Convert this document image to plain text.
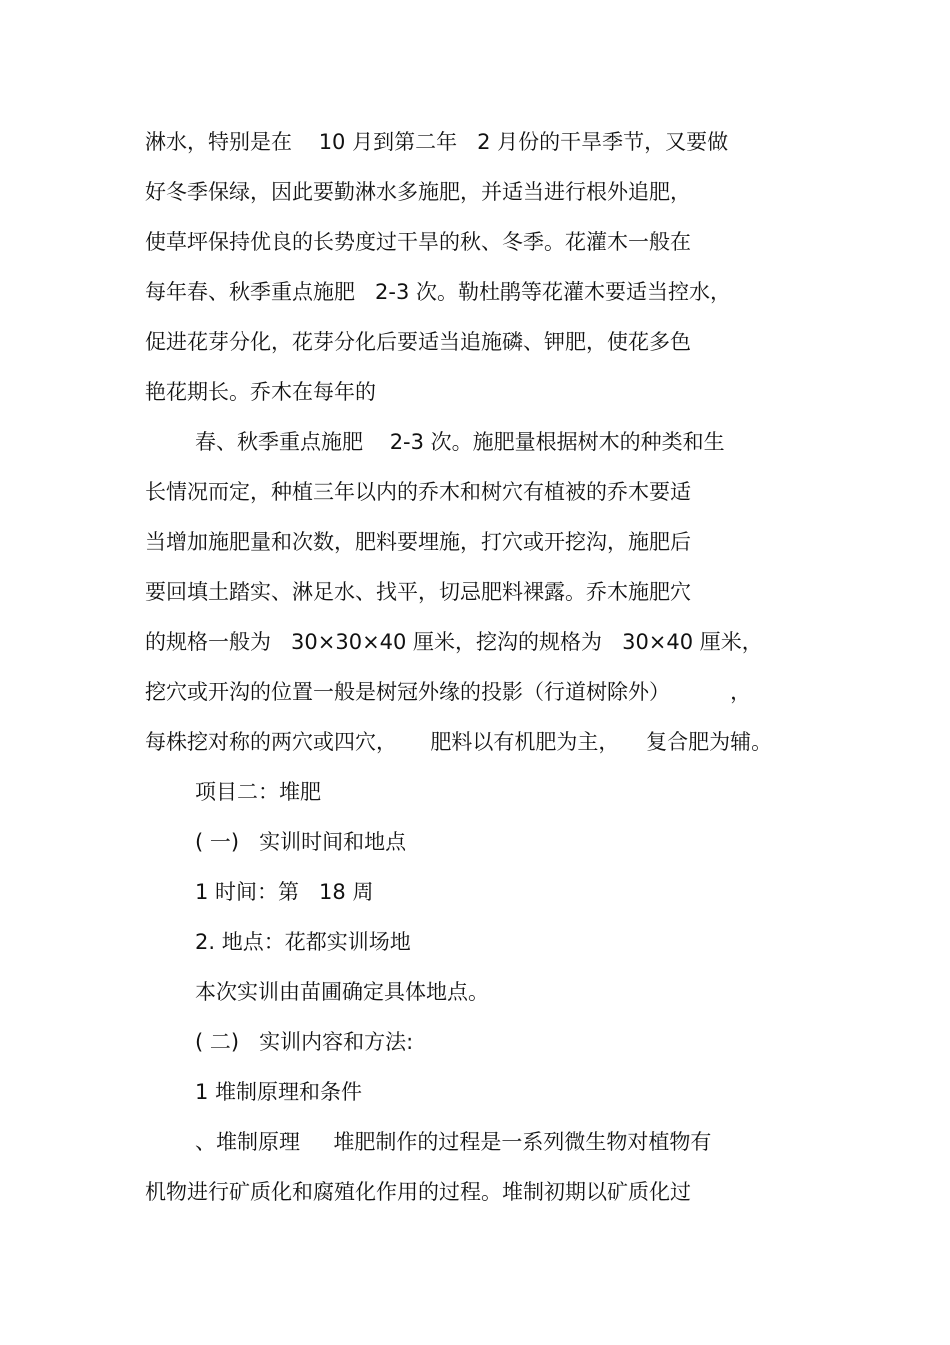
淋水，特别是在    10 月到第二年   2 月份的干旱季节，又要做
好冬季保绿，因此要勤淋水多施肥，并适当进行根外追肥，
使草坪保持优良的长势度过干旱的秋、冬季。花灌木一般在
每年春、秋季重点施肥   2-3 次。勒杜鹃等花灌木要适当控水，
促进花芽分化，花芽分化后要适当追施磷、钾肥，使花多色
艳花期长。乔木在每年的
春、秋季重点施肥    2-3 次。施肥量根据树木的种类和生
长情况而定，种植三年以内的乔木和树穴有植被的乔木要适
当增加施肥量和次数，肥料要埋施，打穴或开挖沟，施肥后
要回填土踏实、淋足水、找平，切忌肥料裸露。乔木施肥穴
的规格一般为   30×30×40 厘米，挖沟的规格为   30×40 厘米，
挖穴或开沟的位置一般是树冠外缘的投影（行道树除外）         ，
每株挖对称的两穴或四穴，     肥料以有机肥为主，    复合肥为辅。
项目二：堆肥
( 一)   实训时间和地点
1 时间：第   18 周
2. 地点：花都实训场地
本次实训由苗圃确定具体地点。
( 二)   实训内容和方法:
1 堆制原理和条件
、堆制原理     堆肥制作的过程是一系列微生物对植物有
机物进行矿质化和腐殖化作用的过程。堆制初期以矿质化过
